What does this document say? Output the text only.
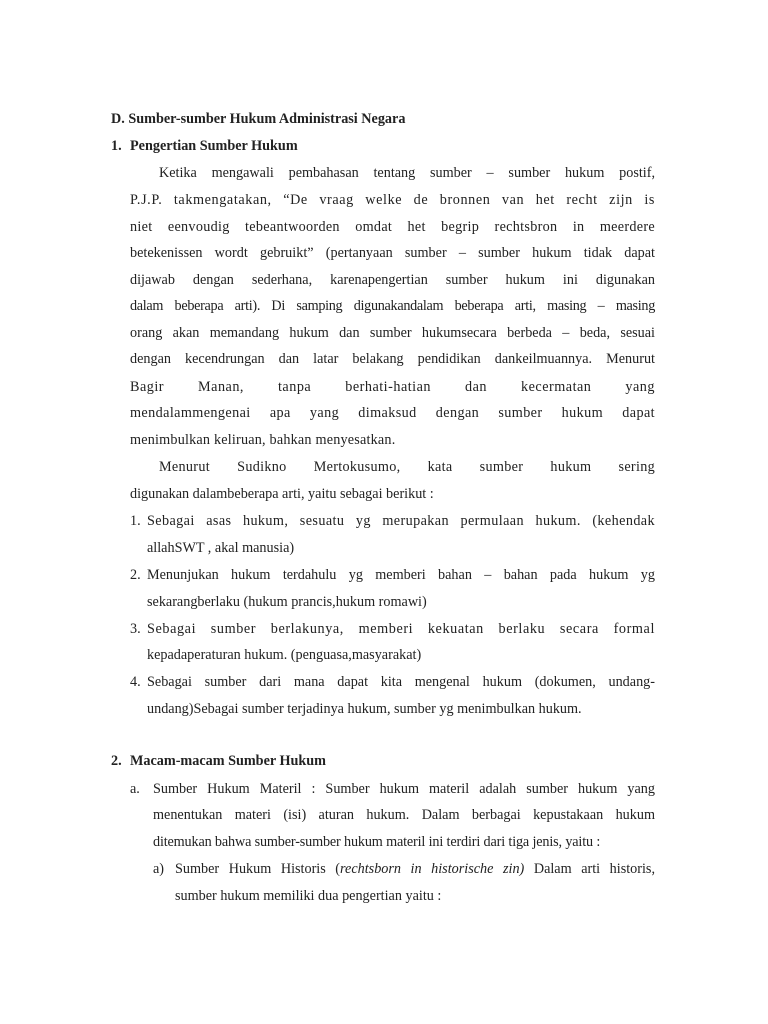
D. Sumber-sumber Hukum Administrasi Negara
1. Pengertian Sumber Hukum
Ketika mengawali pembahasan tentang sumber – sumber hukum postif,
P.J.P. takmengatakan, “De vraag welke de bronnen van het recht zijn is
niet eenvoudig tebeantwoorden omdat het begrip rechtsbron in meerdere
betekenissen wordt gebruikt” (pertanyaan sumber – sumber hukum tidak dapat
dijawab dengan sederhana, karenapengertian sumber hukum ini digunakan
dalam beberapa arti). Di samping digunakandalam beberapa arti, masing – masing
orang akan memandang hukum dan sumber hukumsecara berbeda – beda, sesuai
dengan kecendrungan dan latar belakang pendidikan dankeilmuannya. Menurut
Bagir Manan, tanpa berhati-hatian dan kecermatan yang
mendalammengenai apa yang dimaksud dengan sumber hukum dapat
menimbulkan keliruan, bahkan menyesatkan.
Menurut Sudikno Mertokusumo, kata sumber hukum sering
digunakan dalambeberapa arti, yaitu sebagai berikut :
1. Sebagai asas hukum, sesuatu yg merupakan permulaan hukum. (kehendak
allahSWT , akal manusia)
2. Menunjukan hukum terdahulu yg memberi bahan – bahan pada hukum yg
sekarangberlaku (hukum prancis,hukum romawi)
3. Sebagai sumber berlakunya, memberi kekuatan berlaku secara formal
kepadaperaturan hukum. (penguasa,masyarakat)
4. Sebagai sumber dari mana dapat kita mengenal hukum (dokumen, undang-
undang)Sebagai sumber terjadinya hukum, sumber yg menimbulkan hukum.
2. Macam-macam Sumber Hukum
a. Sumber Hukum Materil : Sumber hukum materil adalah sumber hukum yang
menentukan materi (isi) aturan hukum. Dalam berbagai kepustakaan hukum
ditemukan bahwa sumber-sumber hukum materil ini terdiri dari tiga jenis, yaitu :
a) Sumber Hukum Historis (rechtsborn in historische zin) Dalam arti historis,
sumber hukum memiliki dua pengertian yaitu :
